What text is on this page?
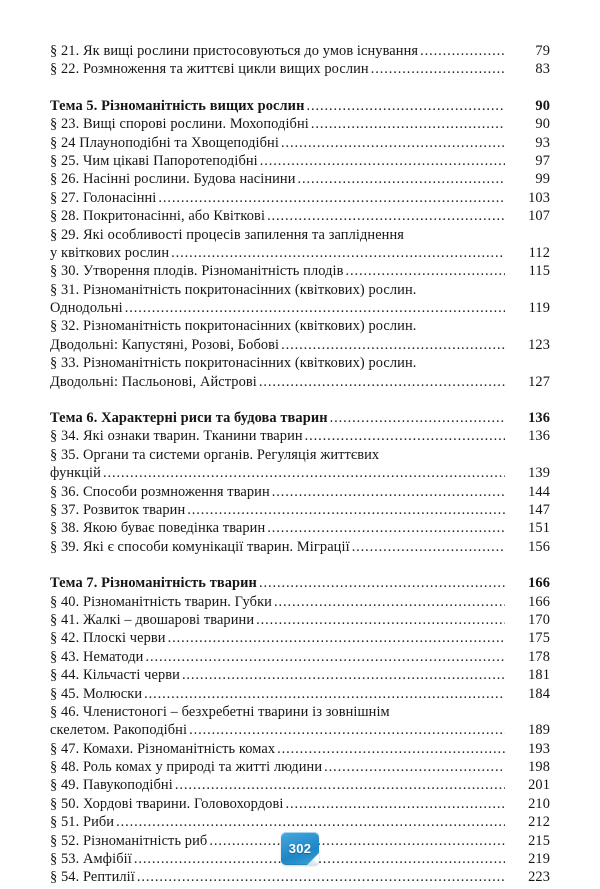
§ 21. Як вищі рослини пристосовуються до умов існування .....	79
§ 22. Розмноження та життєві цикли вищих рослин .....	83
Тема 5. Різноманітність вищих рослин .....	90
§ 23. Вищі спорові рослини. Мохоподібні .....	90
§ 24 Плауноподібні та Хвощеподібні .....	93
§ 25. Чим цікаві Папоротеподібні .....	97
§ 26. Насінні рослини. Будова насінини .....	99
§ 27. Голонасінні .....	103
§ 28. Покритонасінні, або Квіткові .....	107
§ 29. Які особливості процесів запилення та запліднення
у квіткових рослин .....	112
§ 30. Утворення плодів. Різноманітність плодів .....	115
§ 31. Різноманітність покритонасінних (квіткових) рослин.
Однодольні .....	119
§ 32. Різноманітність покритонасінних (квіткових) рослин.
Дводольні: Капустяні, Розові, Бобові .....	123
§ 33. Різноманітність покритонасінних (квіткових) рослин.
Дводольні: Пасльонові, Айстрові .....	127
Тема 6. Характерні риси та будова тварин .....	136
§ 34. Які ознаки тварин. Тканини тварин .....	136
§ 35. Органи та системи органів. Регуляція життєвих
функцій .....	139
§ 36. Способи розмноження тварин .....	144
§ 37. Розвиток тварин .....	147
§ 38. Якою буває поведінка тварин .....	151
§ 39. Які є способи комунікації тварин. Міграції .....	156
Тема 7. Різноманітність тварин .....	166
§ 40. Різноманітність тварин. Губки .....	166
§ 41. Жалкі – двошарові тварини .....	170
§ 42. Плоскі черви .....	175
§ 43. Нематоди .....	178
§ 44. Кільчасті черви .....	181
§ 45. Молюски .....	184
§ 46. Членистоногі – безхребетні тварини із зовнішнім
скелетом. Ракоподібні .....	189
§ 47. Комахи. Різноманітність комах .....	193
§ 48. Роль комах у природі та житті людини .....	198
§ 49. Павукоподібні .....	201
§ 50. Хордові тварини. Головохордові .....	210
§ 51. Риби .....	212
§ 52. Різноманітність риб .....	215
§ 53. Амфібії .....	219
§ 54. Рептилії .....	223
302
